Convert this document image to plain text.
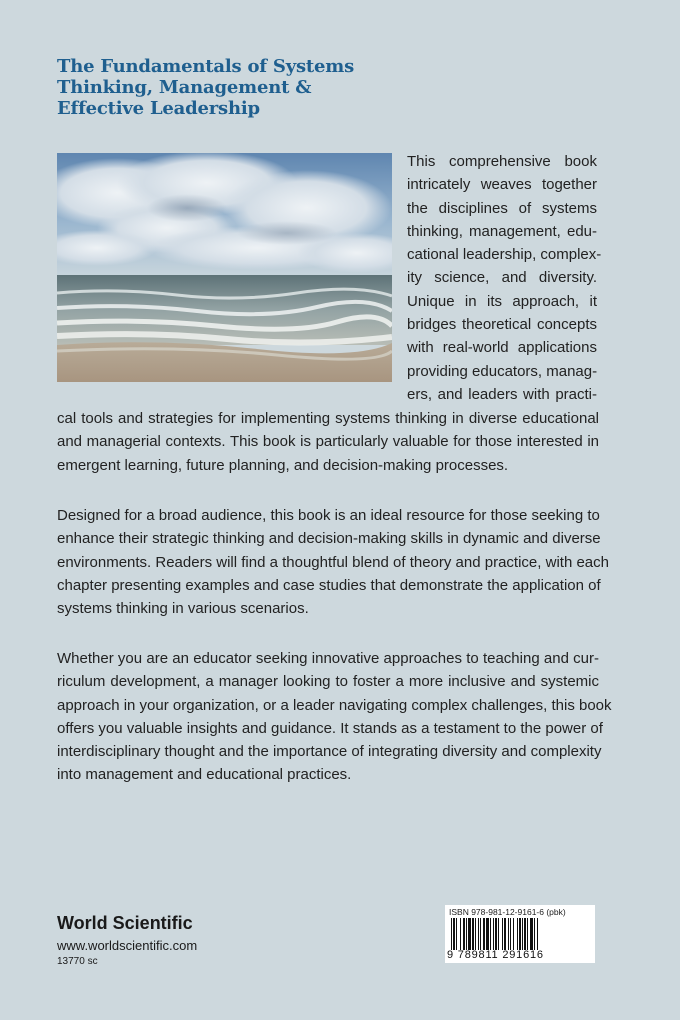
The Fundamentals of Systems
Thinking, Management &
Effective Leadership
This comprehensive book
intricately weaves together
the disciplines of systems
thinking, management, edu-
cational leadership, complex-
ity science, and diversity.
Unique in its approach, it
bridges theoretical concepts
with real-world applications
providing educators, manag-
ers, and leaders with practi-
cal tools and strategies for implementing systems thinking in diverse educational
and managerial contexts. This book is particularly valuable for those interested in
emergent learning, future planning, and decision-making processes.
Designed for a broad audience, this book is an ideal resource for those seeking to
enhance their strategic thinking and decision-making skills in dynamic and diverse
environments. Readers will find a thoughtful blend of theory and practice, with each
chapter presenting examples and case studies that demonstrate the application of
systems thinking in various scenarios.
Whether you are an educator seeking innovative approaches to teaching and cur-
riculum development, a manager looking to foster a more inclusive and systemic
approach in your organization, or a leader navigating complex challenges, this book
offers you valuable insights and guidance. It stands as a testament to the power of
interdisciplinary thought and the importance of integrating diversity and complexity
into management and educational practices.
World Scientific
www.worldscientific.com
13770 sc
ISBN 978-981-12-9161-6 (pbk)
9 789811 291616
